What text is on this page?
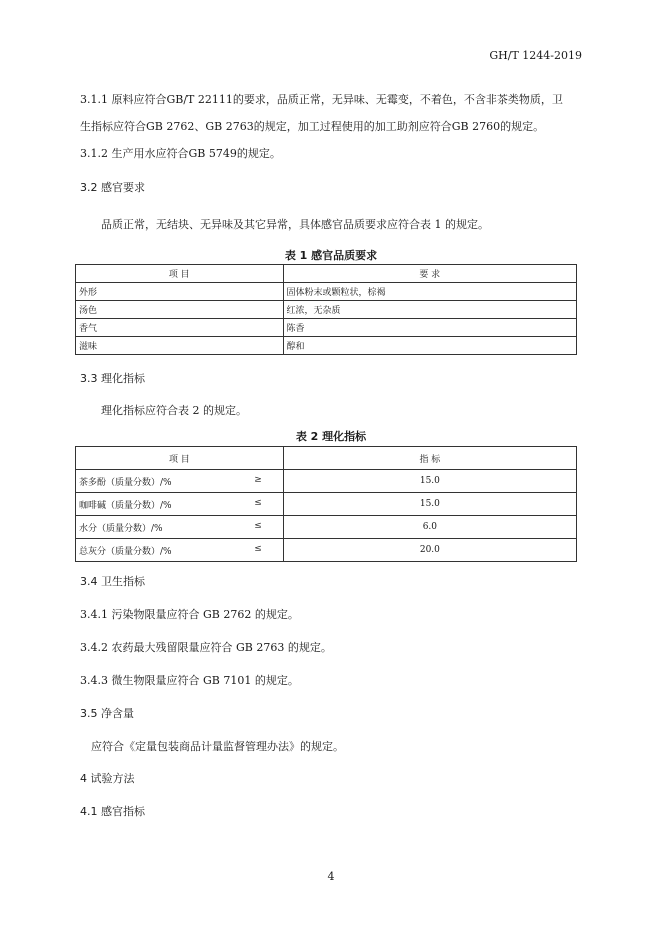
GH/T 1244-2019
3.1.1 原料应符合GB/T 22111的要求，品质正常，无异味、无霉变，不着色，不含非茶类物质，卫
生指标应符合GB 2762、GB 2763的规定，加工过程使用的加工助剂应符合GB 2760的规定。
3.1.2 生产用水应符合GB 5749的规定。
3.2 感官要求
品质正常，无结块、无异味及其它异常，具体感官品质要求应符合表 1 的规定。
表 1 感官品质要求
项 目	要 求
外形	固体粉末或颗粒状，棕褐
汤色	红浓，无杂质
香气	陈香
滋味	醇和
3.3 理化指标
理化指标应符合表 2 的规定。
表 2 理化指标
项 目	指 标

茶多酚（质量分数）/% ≥	15.0

咖啡碱（质量分数）/% ≤	15.0

水分（质量分数）/% ≤	6.0

总灰分（质量分数）/% ≤	20.0
3.4 卫生指标
3.4.1 污染物限量应符合 GB 2762 的规定。
3.4.2 农药最大残留限量应符合 GB 2763 的规定。
3.4.3 微生物限量应符合 GB 7101 的规定。
3.5 净含量
应符合《定量包装商品计量监督管理办法》的规定。
4 试验方法
4.1 感官指标
4
